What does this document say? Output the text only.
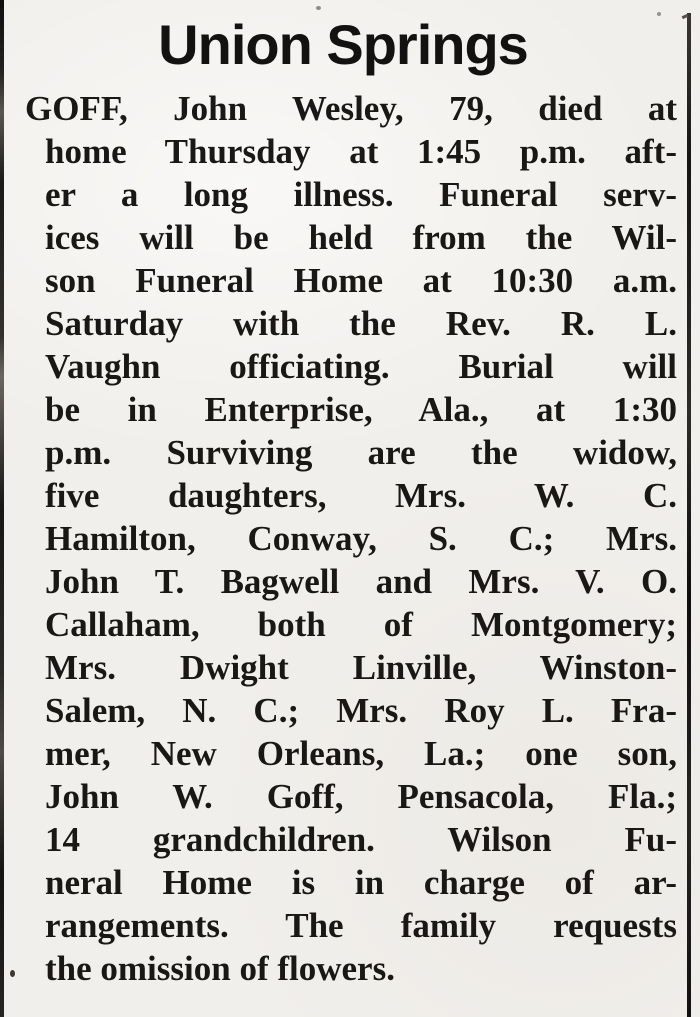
Union Springs
GOFF, John Wesley, 79, died at
home Thursday at 1:45 p.m. aft-
er a long illness. Funeral serv-
ices will be held from the Wil-
son Funeral Home at 10:30 a.m.
Saturday with the Rev. R. L.
Vaughn officiating. Burial will
be in Enterprise, Ala., at 1:30
p.m. Surviving are the widow,
five daughters, Mrs. W. C.
Hamilton, Conway, S. C.; Mrs.
John T. Bagwell and Mrs. V. O.
Callaham, both of Montgomery;
Mrs. Dwight Linville, Winston-
Salem, N. C.; Mrs. Roy L. Fra-
mer, New Orleans, La.; one son,
John W. Goff, Pensacola, Fla.;
14 grandchildren. Wilson Fu-
neral Home is in charge of ar-
rangements. The family requests
the omission of flowers.
